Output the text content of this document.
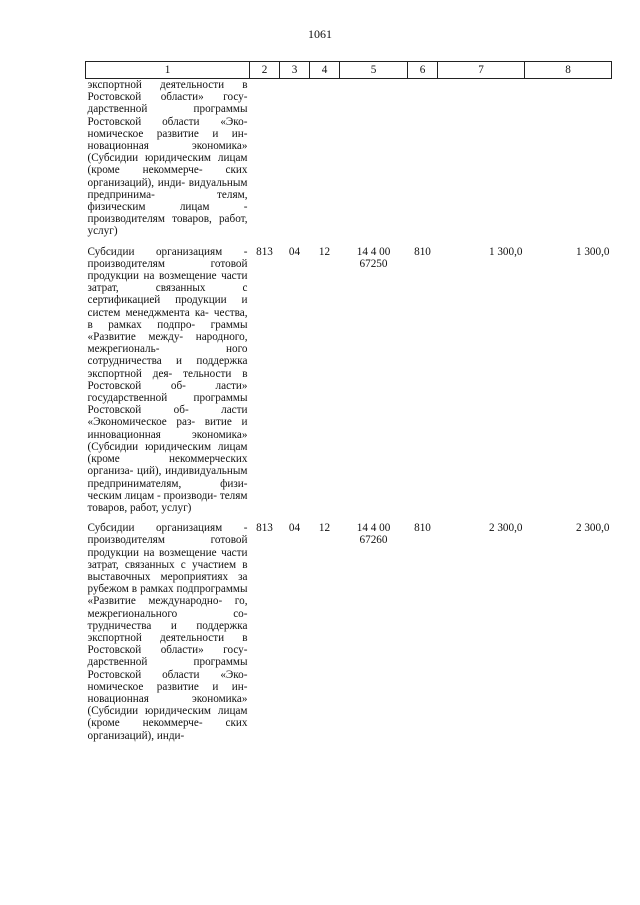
1061
1	2	3	4	5	6	7	8
экспортной деятельности в Ростовской области» госу- дарственной программы Ростовской области «Эко- номическое развитие и ин- новационная экономика» (Субсидии юридическим лицам (кроме некоммерче- ских организаций), инди- видуальным предпринима- телям, физическим лицам - производителям товаров, работ, услуг)							
Субсидии организациям - производителям готовой продукции на возмещение части затрат, связанных с сертификацией продукции и систем менеджмента ка- чества, в рамках подпро- граммы «Развитие между- народного, межрегиональ- ного сотрудничества и поддержка экспортной дея- тельности в Ростовской об- ласти» государственной программы Ростовской об- ласти «Экономическое раз- витие и инновационная экономика» (Субсидии юридическим лицам (кроме некоммерческих организа- ций), индивидуальным предпринимателям, физи- ческим лицам - производи- телям товаров, работ, услуг)	813	04	12	14 4 00 67250	810	1 300,0	1 300,0
Субсидии организациям - производителям готовой продукции на возмещение части затрат, связанных с участием в выставочных мероприятиях за рубежом в рамках подпрограммы «Развитие международно- го, межрегионального со- трудничества и поддержка экспортной деятельности в Ростовской области» госу- дарственной программы Ростовской области «Эко- номическое развитие и ин- новационная экономика» (Субсидии юридическим лицам (кроме некоммерче- ских организаций), инди-	813	04	12	14 4 00 67260	810	2 300,0	2 300,0
